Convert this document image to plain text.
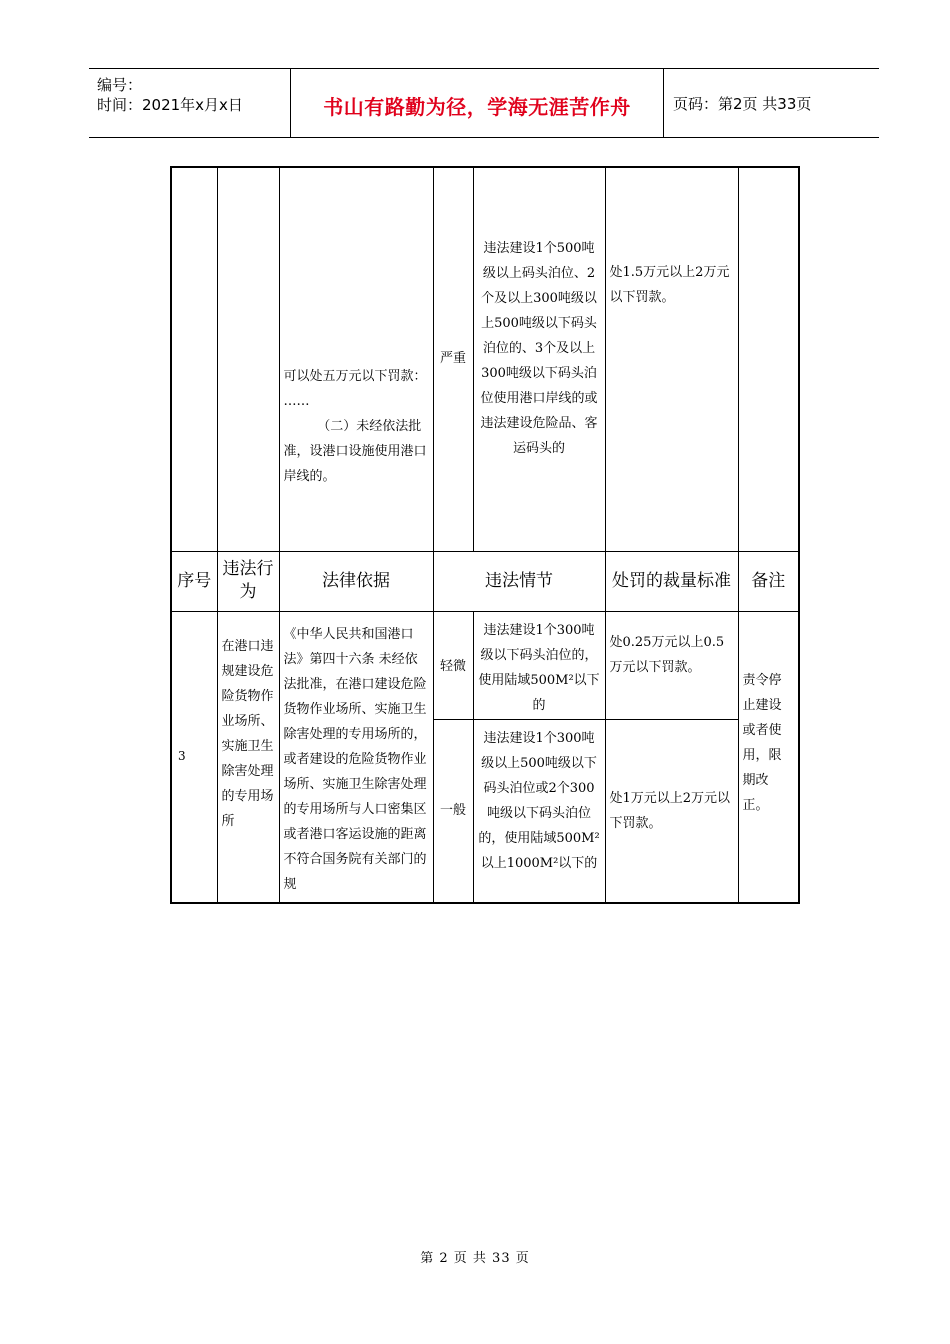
编号：
时间：2021年x月x日	书山有路勤为径，学海无涯苦作舟	页码：第2页 共33页

		可以处五万元以下罚款：
……
（二）未经依法批准，设港口设施使用港口岸线的。	严重	违法建设1个500吨级以上码头泊位、2个及以上300吨级以上500吨级以下码头泊位的、3个及以上300吨级以下码头泊位使用港口岸线的或违法建设危险品、客运码头的	处1.5万元以上2万元以下罚款。	

序号	违法行为	法律依据	违法情节		处罚的裁量标准	备注
3	在港口违规建设危险货物作业场所、实施卫生除害处理的专用场所	《中华人民共和国港口法》第四十六条 未经依法批准，在港口建设危险货物作业场所、实施卫生除害处理的专用场所的，或者建设的危险货物作业场所、实施卫生除害处理的专用场所与人口密集区或者港口客运设施的距离不符合国务院有关部门的规	轻微	违法建设1个300吨级以下码头泊位的，使用陆域500M²以下的	处0.25万元以上0.5万元以下罚款。	责令停止建设或者使用，限期改正。

			一般	违法建设1个300吨级以上500吨级以下码头泊位或2个300吨级以下码头泊位的，使用陆域500M²以上1000M²以下的	处1万元以上2万元以下罚款。	
第 2 页 共 33 页
